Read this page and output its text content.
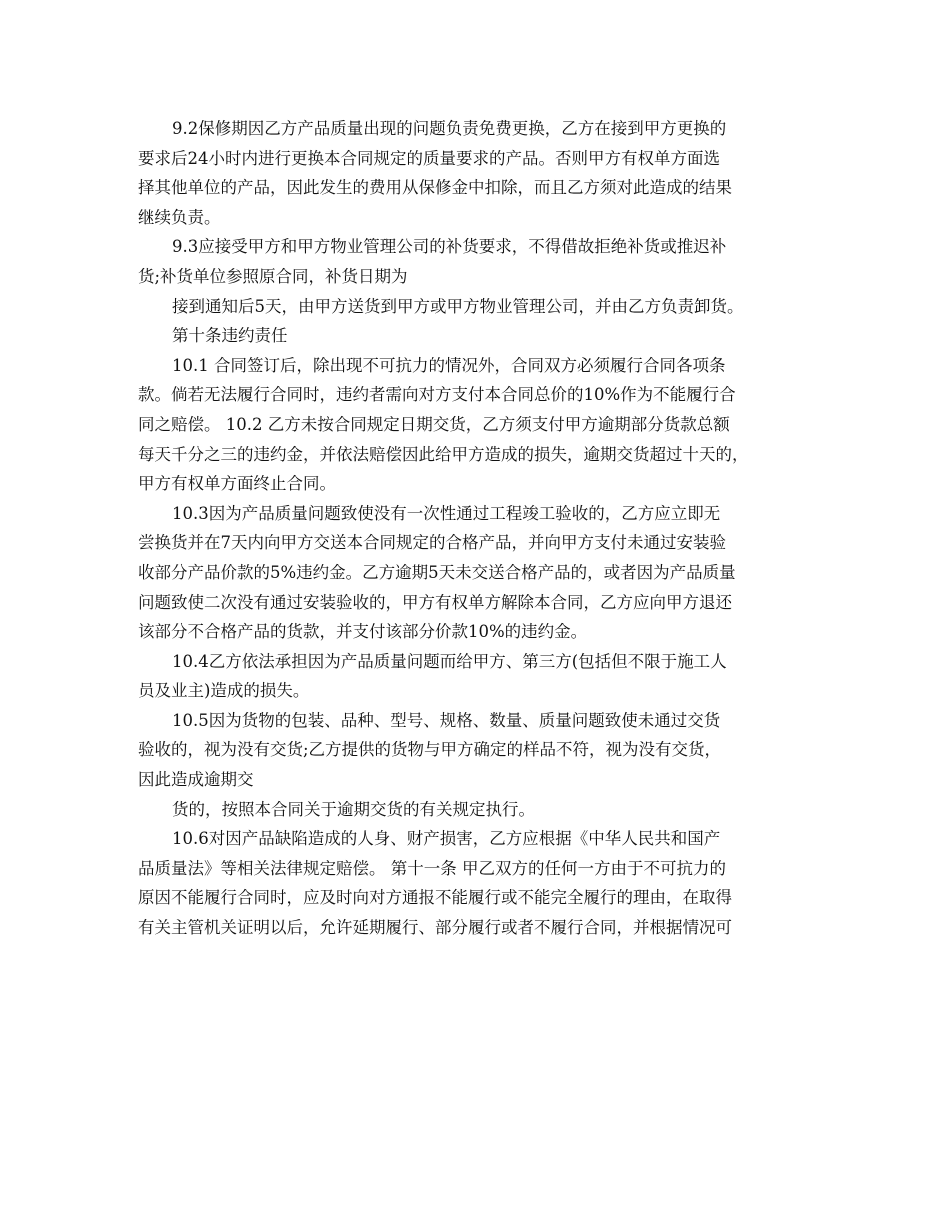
9.2保修期因乙方产品质量出现的问题负责免费更换，乙方在接到甲方更换的
要求后24小时内进行更换本合同规定的质量要求的产品。否则甲方有权单方面选
择其他单位的产品，因此发生的费用从保修金中扣除，而且乙方须对此造成的结果
继续负责。
9.3应接受甲方和甲方物业管理公司的补货要求，不得借故拒绝补货或推迟补
货;补货单位参照原合同，补货日期为
接到通知后5天，由甲方送货到甲方或甲方物业管理公司，并由乙方负责卸货。
第十条违约责任
10.1 合同签订后，除出现不可抗力的情况外，合同双方必须履行合同各项条
款。倘若无法履行合同时，违约者需向对方支付本合同总价的10%作为不能履行合
同之赔偿。 10.2 乙方未按合同规定日期交货，乙方须支付甲方逾期部分货款总额
每天千分之三的违约金，并依法赔偿因此给甲方造成的损失，逾期交货超过十天的，
甲方有权单方面终止合同。
10.3因为产品质量问题致使没有一次性通过工程竣工验收的，乙方应立即无
尝换货并在7天内向甲方交送本合同规定的合格产品，并向甲方支付未通过安装验
收部分产品价款的5%违约金。乙方逾期5天未交送合格产品的，或者因为产品质量
问题致使二次没有通过安装验收的，甲方有权单方解除本合同，乙方应向甲方退还
该部分不合格产品的货款，并支付该部分价款10%的违约金。
10.4乙方依法承担因为产品质量问题而给甲方、第三方(包括但不限于施工人
员及业主)造成的损失。
10.5因为货物的包装、品种、型号、规格、数量、质量问题致使未通过交货
验收的，视为没有交货;乙方提供的货物与甲方确定的样品不符，视为没有交货，
因此造成逾期交
货的，按照本合同关于逾期交货的有关规定执行。
10.6对因产品缺陷造成的人身、财产损害，乙方应根据《中华人民共和国产
品质量法》等相关法律规定赔偿。 第十一条 甲乙双方的任何一方由于不可抗力的
原因不能履行合同时，应及时向对方通报不能履行或不能完全履行的理由，在取得
有关主管机关证明以后，允许延期履行、部分履行或者不履行合同，并根据情况可
